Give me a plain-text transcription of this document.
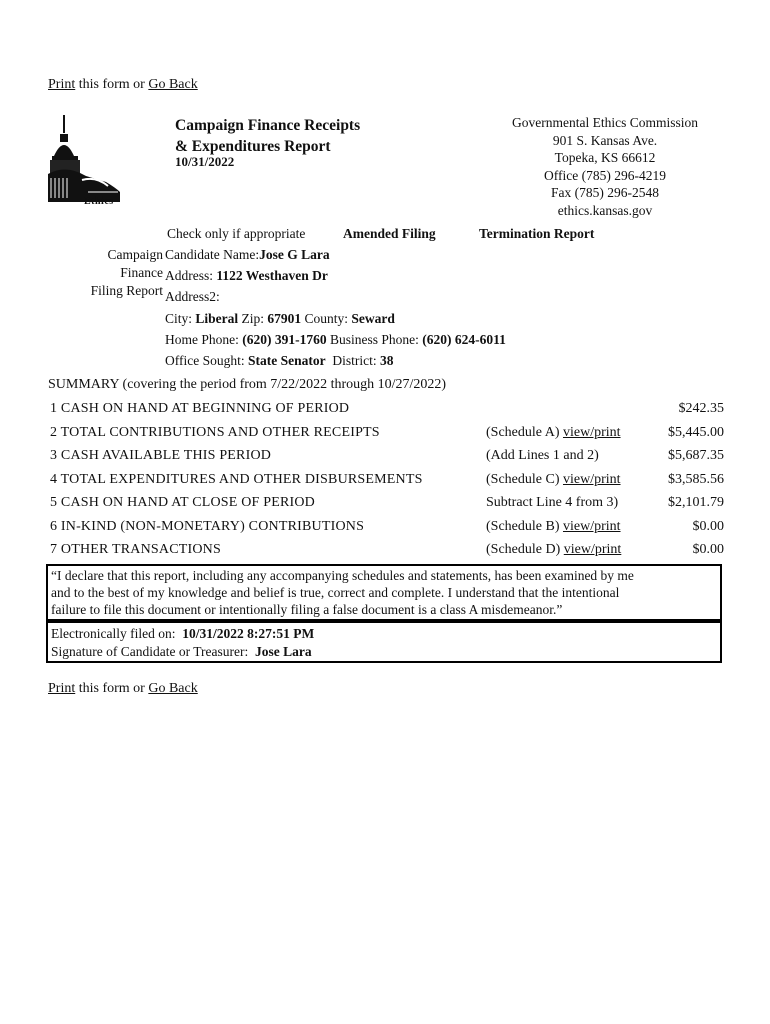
Print this form or Go Back
Ethics
Campaign Finance Receipts
& Expenditures Report
10/31/2022
Governmental Ethics Commission
901 S. Kansas Ave.
Topeka, KS 66612
Office (785) 296-4219
Fax (785) 296-2548
ethics.kansas.gov
Check only if appropriate	Amended Filing	Termination Report
Campaign
Finance
Filing Report
Candidate Name:Jose G Lara
Address: 1122 Westhaven Dr
Address2:
City: Liberal Zip: 67901 County: Seward
Home Phone: (620) 391-1760 Business Phone: (620) 624-6011
Office Sought: State Senator District: 38
SUMMARY (covering the period from 7/22/2022 through 10/27/2022)
1 CASH ON HAND AT BEGINNING OF PERIOD	$242.35
2 TOTAL CONTRIBUTIONS AND OTHER RECEIPTS	(Schedule A) view/print	$5,445.00
3 CASH AVAILABLE THIS PERIOD	(Add Lines 1 and 2)	$5,687.35
4 TOTAL EXPENDITURES AND OTHER DISBURSEMENTS	(Schedule C) view/print	$3,585.56
5 CASH ON HAND AT CLOSE OF PERIOD	Subtract Line 4 from 3)	$2,101.79
6 IN-KIND (NON-MONETARY) CONTRIBUTIONS	(Schedule B) view/print	$0.00
7 OTHER TRANSACTIONS	(Schedule D) view/print	$0.00
“I declare that this report, including any accompanying schedules and statements, has been examined by me
and to the best of my knowledge and belief is true, correct and complete. I understand that the intentional
failure to file this document or intentionally filing a false document is a class A misdemeanor.”
Electronically filed on: 10/31/2022 8:27:51 PM
Signature of Candidate or Treasurer: Jose Lara
Print this form or Go Back
